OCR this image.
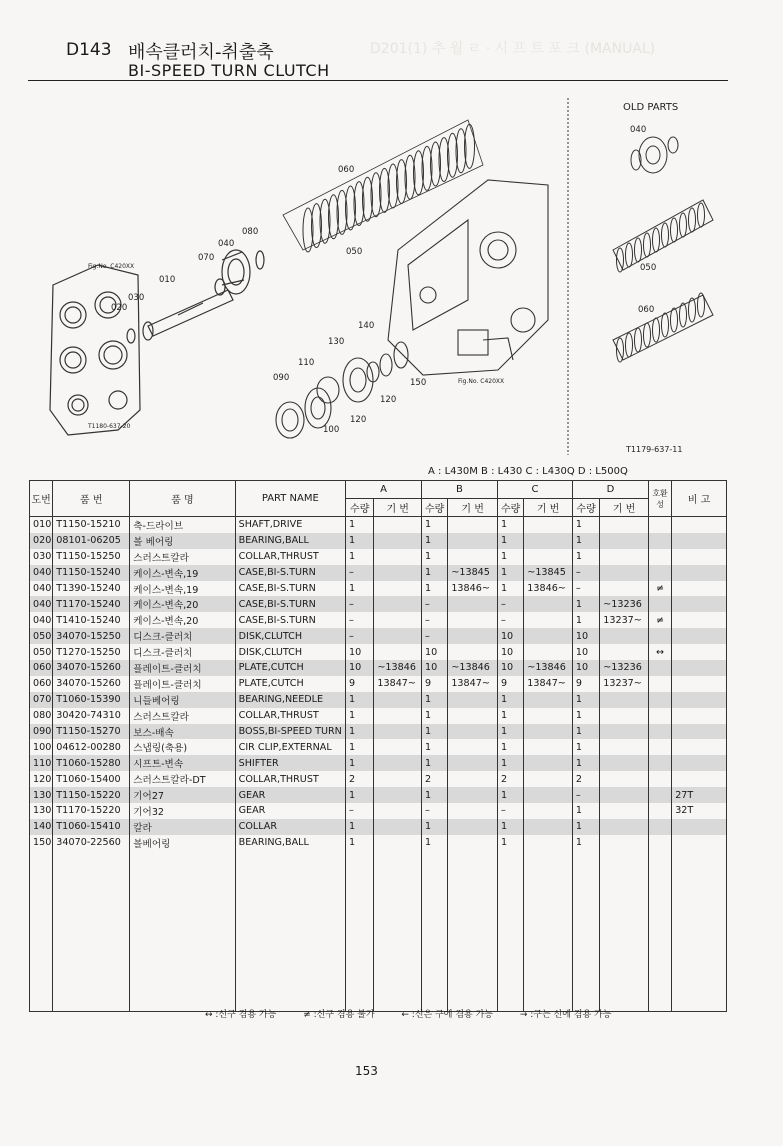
D201(1) 추 월 ㄹ · 시 프 트 포 크 (MANUAL)
D143 배속클러치-취출축
BI-SPEED TURN CLUTCH
010
020
030
040
050
060
070
080
090
100
110
120
130
140
150
120
040
050
060
Fig.No. C420XX
Fig.No. C420XX
T1180-637-20
OLD PARTS
T1179-637-11
A : L430M B : L430 C : L430Q D : L500Q
도번	품 번	품 명	PART NAME	A		B		C		D		호환성	비 고
				수량	기 번	수량	기 번	수량	기 번	수량	기 번		
010	T1150-15210	축-드라이브	SHAFT,DRIVE	1		1		1		1			
020	08101-06205	볼 베어링	BEARING,BALL	1		1		1		1			
030	T1150-15250	스러스트칼라	COLLAR,THRUST	1		1		1		1			
040	T1150-15240	케이스-변속,19	CASE,BI-S.TURN	–		1	~13845	1	~13845	–			
040	T1390-15240	케이스-변속,19	CASE,BI-S.TURN	1		1	13846~	1	13846~	–		≠	
040	T1170-15240	케이스-변속,20	CASE,BI-S.TURN	–		–		–		1	~13236		
040	T1410-15240	케이스-변속,20	CASE,BI-S.TURN	–		–		–		1	13237~	≠	
050	34070-15250	디스크-클러치	DISK,CLUTCH	–		–		10		10			
050	T1270-15250	디스크-클러치	DISK,CLUTCH	10		10		10		10		↔	
060	34070-15260	플레이트-클러치	PLATE,CUTCH	10	~13846	10	~13846	10	~13846	10	~13236		
060	34070-15260	플레이트-클러치	PLATE,CUTCH	9	13847~	9	13847~	9	13847~	9	13237~		
070	T1060-15390	니들베어링	BEARING,NEEDLE	1		1		1		1			
080	30420-74310	스러스트칼라	COLLAR,THRUST	1		1		1		1			
090	T1150-15270	보스-배속	BOSS,BI-SPEED TURN	1		1		1		1			
100	04612-00280	스냅링(축용)	CIR CLIP,EXTERNAL	1		1		1		1			
110	T1060-15280	시프트-변속	SHIFTER	1		1		1		1			
120	T1060-15400	스러스트칼라-DT	COLLAR,THRUST	2		2		2		2			
130	T1150-15220	기어27	GEAR	1		1		1		–			27T
130	T1170-15220	기어32	GEAR	–		–		–		1			32T
140	T1060-15410	칼라	COLLAR	1		1		1		1			
150	34070-22560	볼베어링	BEARING,BALL	1		1		1		1			

↔ :신구 겸용 가능	≠ :신구 겸용 불가	← :신은 구에 겸용 가능	→ :구는 신에 겸용 가능
153
